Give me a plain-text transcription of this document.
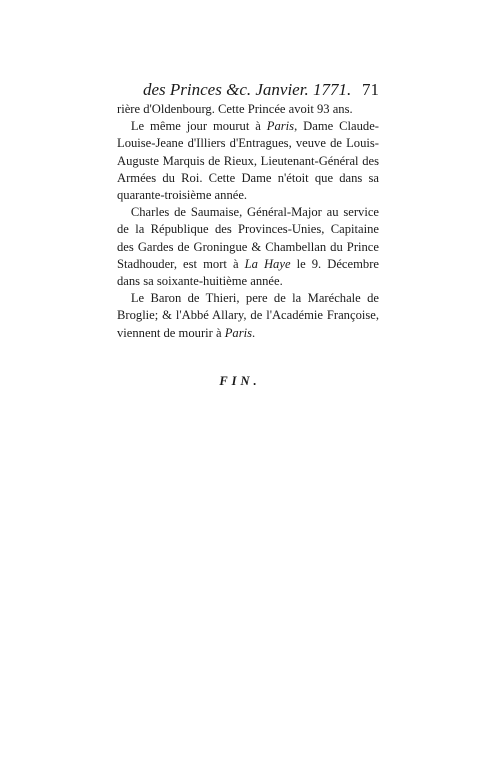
des Princes &c. Janvier. 1771. 71

rière d'Oldenbourg. Cette Princée avoit 93 ans.

Le même jour mourut à Paris, Dame Claude-Louise-Jeane d'Illiers d'Entragues, veuve de Louis-Auguste Marquis de Rieux, Lieutenant-Général des Armées du Roi. Cette Dame n'étoit que dans sa quarante-troisième année.

Charles de Saumaise, Général-Major au service de la République des Provinces-Unies, Capitaine des Gardes de Groningue & Chambellan du Prince Stadhouder, est mort à La Haye le 9. Décembre dans sa soixante-huitième année.

Le Baron de Thieri, pere de la Maréchale de Broglie; & l'Abbé Allary, de l'Académie Françoise, viennent de mourir à Paris.

FIN.
